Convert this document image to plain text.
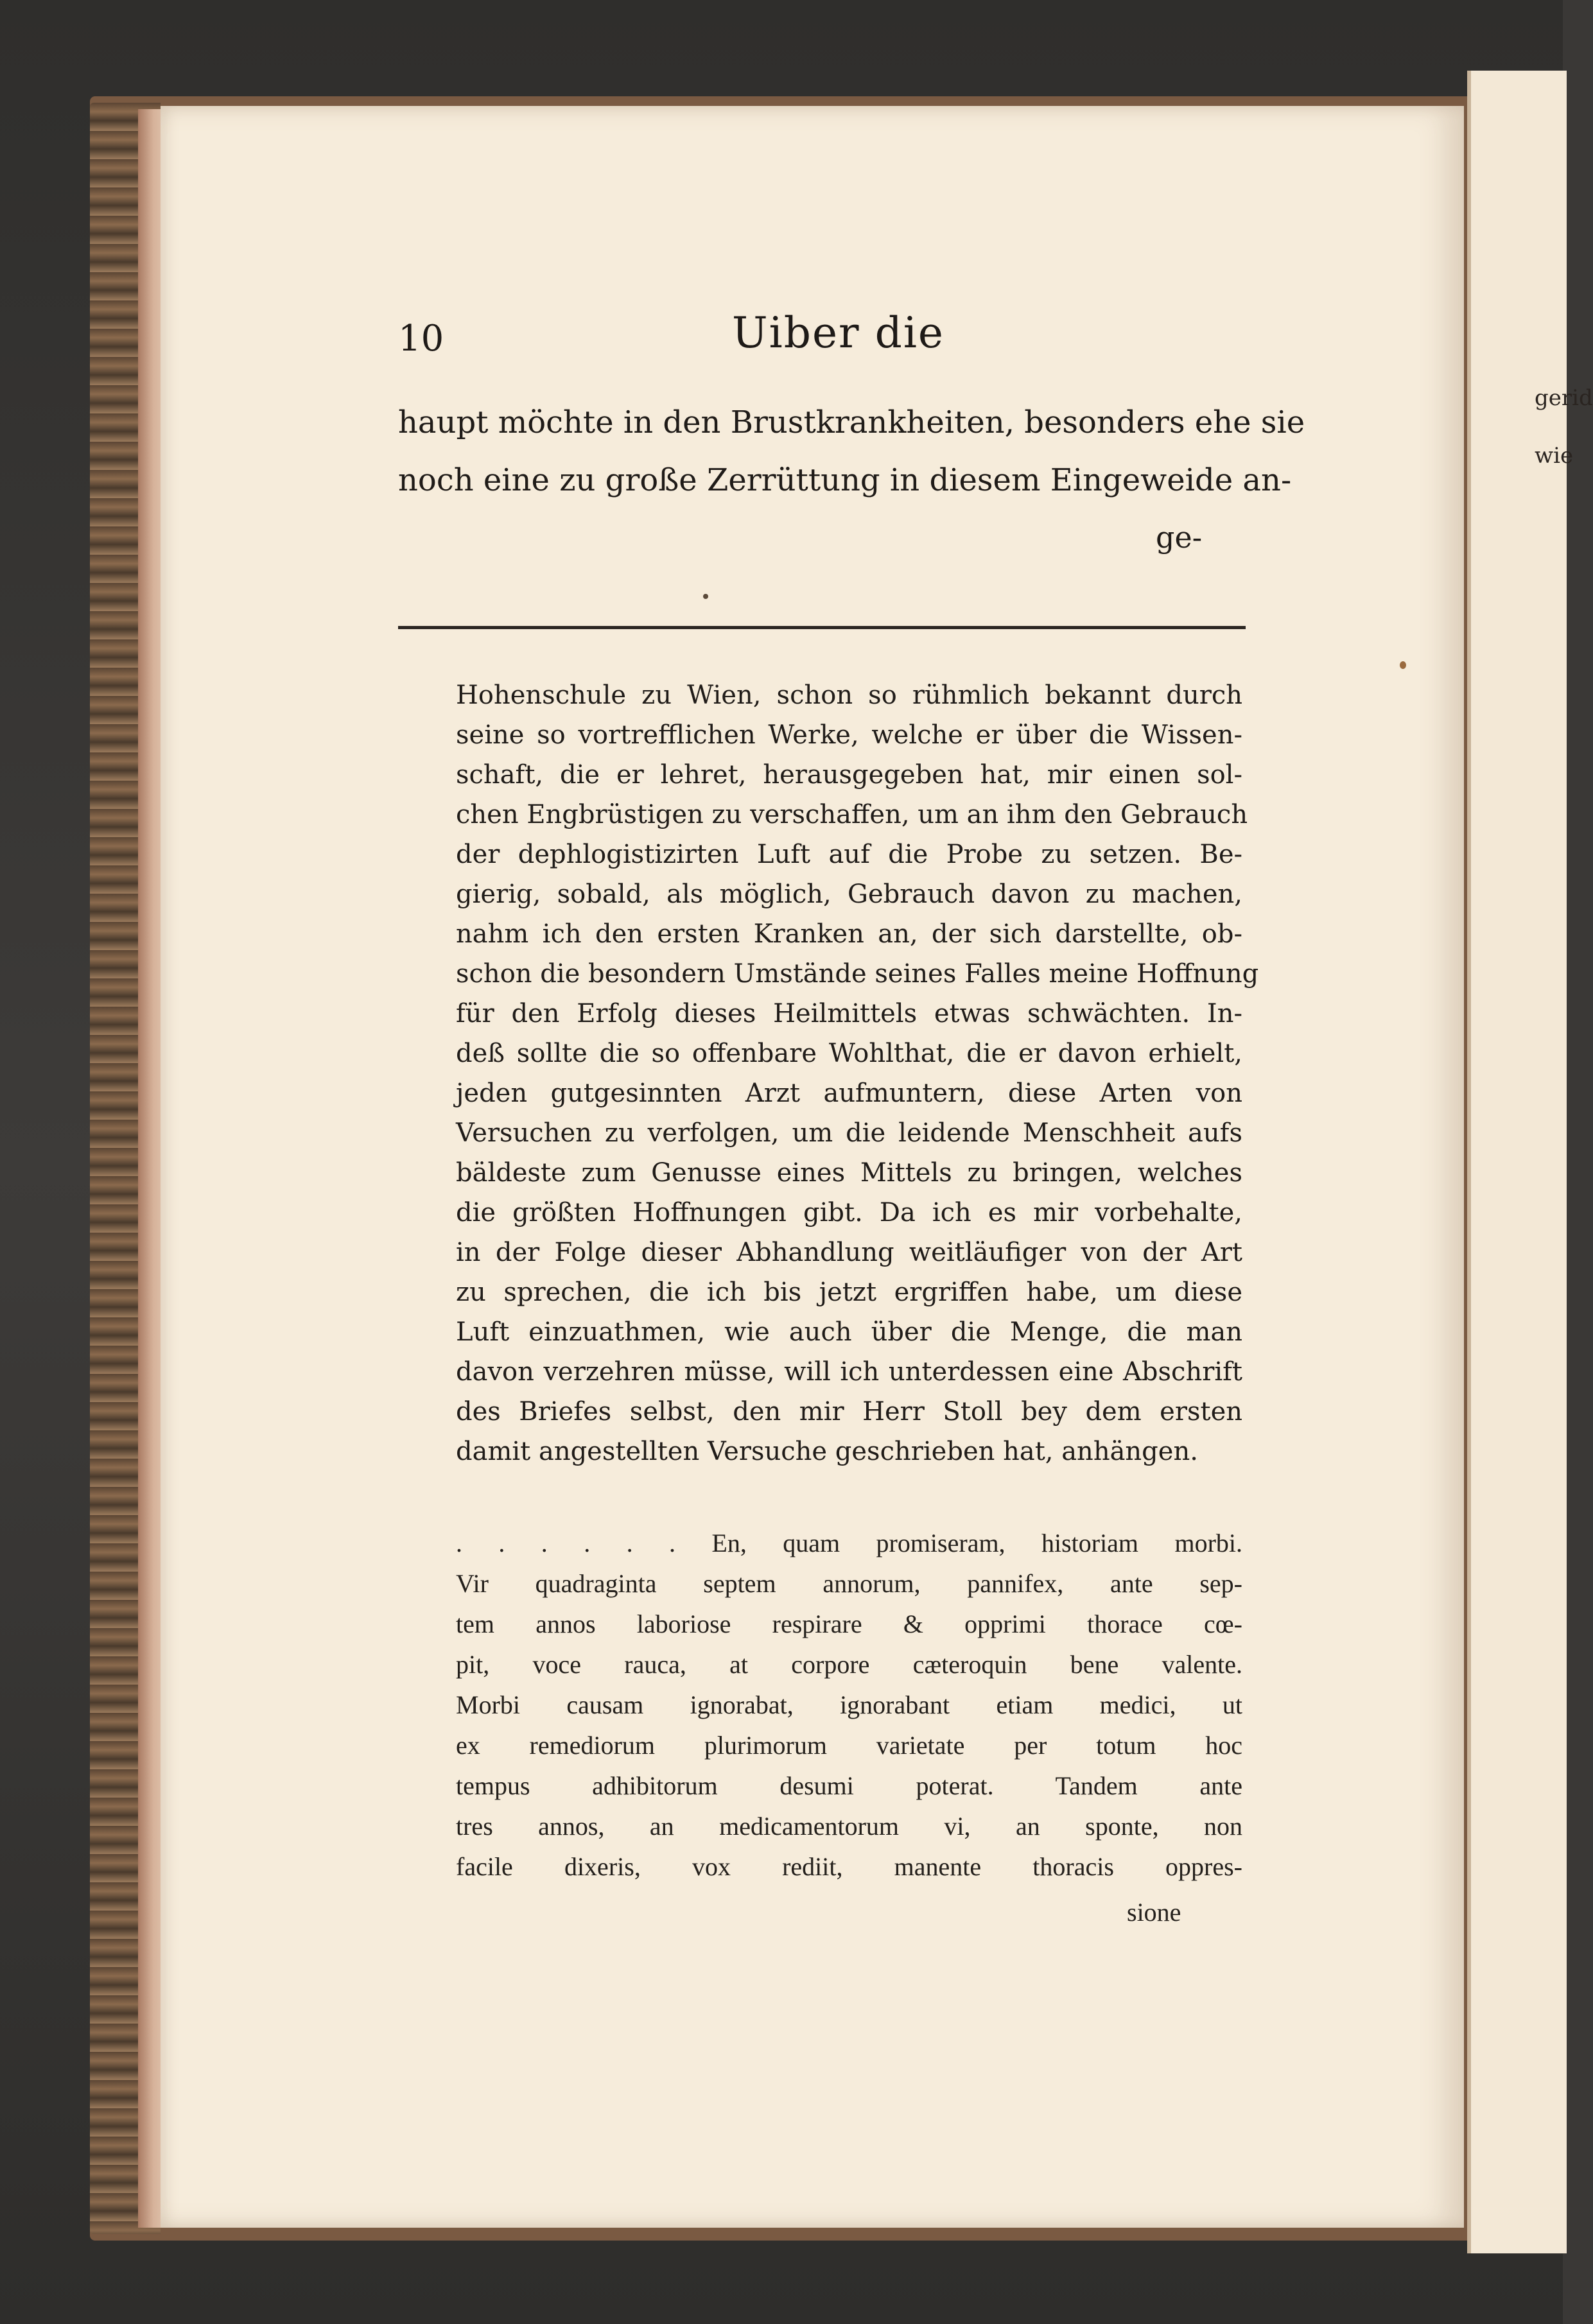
gerid
wie
10	Uiber die
haupt möchte in den Brustkrankheiten, besonders ehe sie
noch eine zu große Zerrüttung in diesem Eingeweide an-
ge-
Hohenschule zu Wien, schon so rühmlich bekannt durch
seine so vortrefflichen Werke, welche er über die Wissen-
schaft, die er lehret, herausgegeben hat, mir einen sol-
chen Engbrüstigen zu verschaffen, um an ihm den Gebrauch
der dephlogistizirten Luft auf die Probe zu setzen. Be-
gierig, sobald, als möglich, Gebrauch davon zu machen,
nahm ich den ersten Kranken an, der sich darstellte, ob-
schon die besondern Umstände seines Falles meine Hoffnung
für den Erfolg dieses Heilmittels etwas schwächten. In-
deß sollte die so offenbare Wohlthat, die er davon erhielt,
jeden gutgesinnten Arzt aufmuntern, diese Arten von
Versuchen zu verfolgen, um die leidende Menschheit aufs
bäldeste zum Genusse eines Mittels zu bringen, welches
die größten Hoffnungen gibt. Da ich es mir vorbehalte,
in der Folge dieser Abhandlung weitläufiger von der Art
zu sprechen, die ich bis jetzt ergriffen habe, um diese
Luft einzuathmen, wie auch über die Menge, die man
davon verzehren müsse, will ich unterdessen eine Abschrift
des Briefes selbst, den mir Herr Stoll bey dem ersten
damit angestellten Versuche geschrieben hat, anhängen.
. . . . . . En, quam promiseram, historiam morbi.
Vir quadraginta septem annorum, pannifex, ante sep-
tem annos laboriose respirare & opprimi thorace cœ-
pit, voce rauca, at corpore cæteroquin bene valente.
Morbi causam ignorabat, ignorabant etiam medici, ut
ex remediorum plurimorum varietate per totum hoc
tempus adhibitorum desumi poterat. Tandem ante
tres annos, an medicamentorum vi, an sponte, non
facile dixeris, vox rediit, manente thoracis oppres-
sione
